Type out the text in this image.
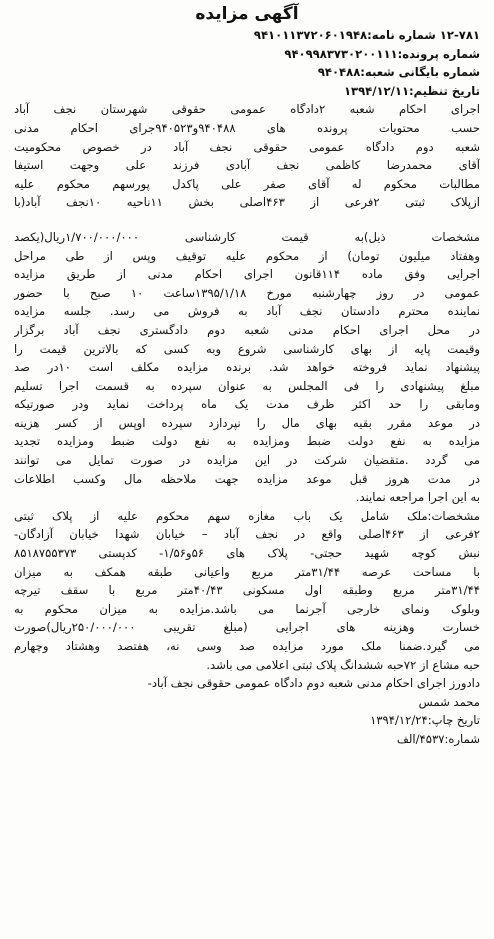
آگهی مزایده
۱۲-۷۸۱ شماره نامه:۹۴۱۰۱۱۳۷۲۰۶۰۱۹۴۸
شماره پرونده:۹۴۰۹۹۸۳۷۳۰۲۰۰۱۱۱
شماره بایگانی شعبه:۹۴۰۴۸۸
تاریخ تنظیم:۱۳۹۴/۱۲/۱۱
اجرای احکام شعبه ۲دادگاه عمومی حقوقی شهرستان نجف آباد
حسب محتویات پرونده های ۹۴۰۴۸۸و۹۴۰۵۲۳جرای احکام مدنی
شعبه دوم دادگاه عمومی حقوقی نجف آباد در خصوص محکومیت
آقای محمدرضا کاظمی نجف آبادی فرزند علی وجهت استیفا
مطالبات محکوم له آقای صفر علی پاکدل پورسهم محکوم علیه
ازپلاک ثبتی ۲فرعی از ۴۶۳اصلی بخش ۱۱ناحیه ۱۰نجف آباد(با
مشخصات ذیل)به قیمت کارشناسی ۱/۷۰۰/۰۰۰/۰۰۰ریال(یکصد
وهفتاد میلیون تومان) از محکوم علیه توقیف وپس از طی مراحل
اجرایی وفق ماده ۱۱۴قانون اجرای احکام مدنی از طریق مزایده
عمومی در روز چهارشنبه مورخ ۱۳۹۵/۱/۱۸ساعت ۱۰ صبح با حضور
نماینده محترم دادستان نجف آباد به فروش می رسد. جلسه مزایده
در محل اجرای احکام مدنی شعبه دوم دادگستری نجف آباد برگزار
وقیمت پایه از بهای کارشناسی شروع وبه کسی که بالاترین قیمت را
پیشنهاد نماید فروخته خواهد شد. برنده مزایده مکلف است ۱۰در صد
مبلغ پیشنهادی را فی المجلس به عنوان سپرده به قسمت اجرا تسلیم
ومابقی را حد اکثر ظرف مدت یک ماه پرداخت نماید ودر صورتیکه
در موعد مقرر بقیه بهای مال را نپردازد سپرده اوپس از کسر هزینه
مزایده به نفع دولت ضبط ومزایده به نفع دولت ضبط ومزایده تجدید
می گردد .متقضیان شرکت در این مزایده در صورت تمایل می توانند
در مدت هروز قبل موعد مزایده جهت ملاحظه مال وکسب اطلاعات
به این اجرا مراجعه نمایند.
مشخصات:ملک شامل یک باب مغازه سهم محکوم علیه از پلاک ثبتی
۲فرعی از ۴۶۳اصلی واقع در نجف آباد – خیابان شهدا خیابان آزادگان-
نبش کوچه شهید حجتی- پلاک های ۵۶و۱/۵۶- کدپستی ۸۵۱۸۷۵۵۳۷۳
با مساحت عرصه ۳۱/۴۴متر مربع واعیانی طبقه همکف به میزان
۳۱/۴۴متر مربع وطبقه اول مسکونی ۴۰/۴۳متر مربع با سقف تیرچه
وبلوک ونمای خارجی آجرنما می باشد.مزایده به میزان محکوم به
خسارت وهزینه های اجرایی (مبلغ تقریبی ۲۵۰/۰۰۰/۰۰۰ریال)صورت
می گیرد.ضمنا ملک مورد مزایده صد وسی نه، هفتصد وهشتاد وچهارم
حبه مشاع از ۷۲حبه ششدانگ پلاک ثبتی اعلامی می باشد.
دادورز اجرای احکام مدنی شعبه دوم دادگاه عمومی حقوقی نجف آباد-
محمد شمس
تاریخ چاپ:۱۳۹۴/۱۲/۲۴
شماره:۴۵۳۷/الف
